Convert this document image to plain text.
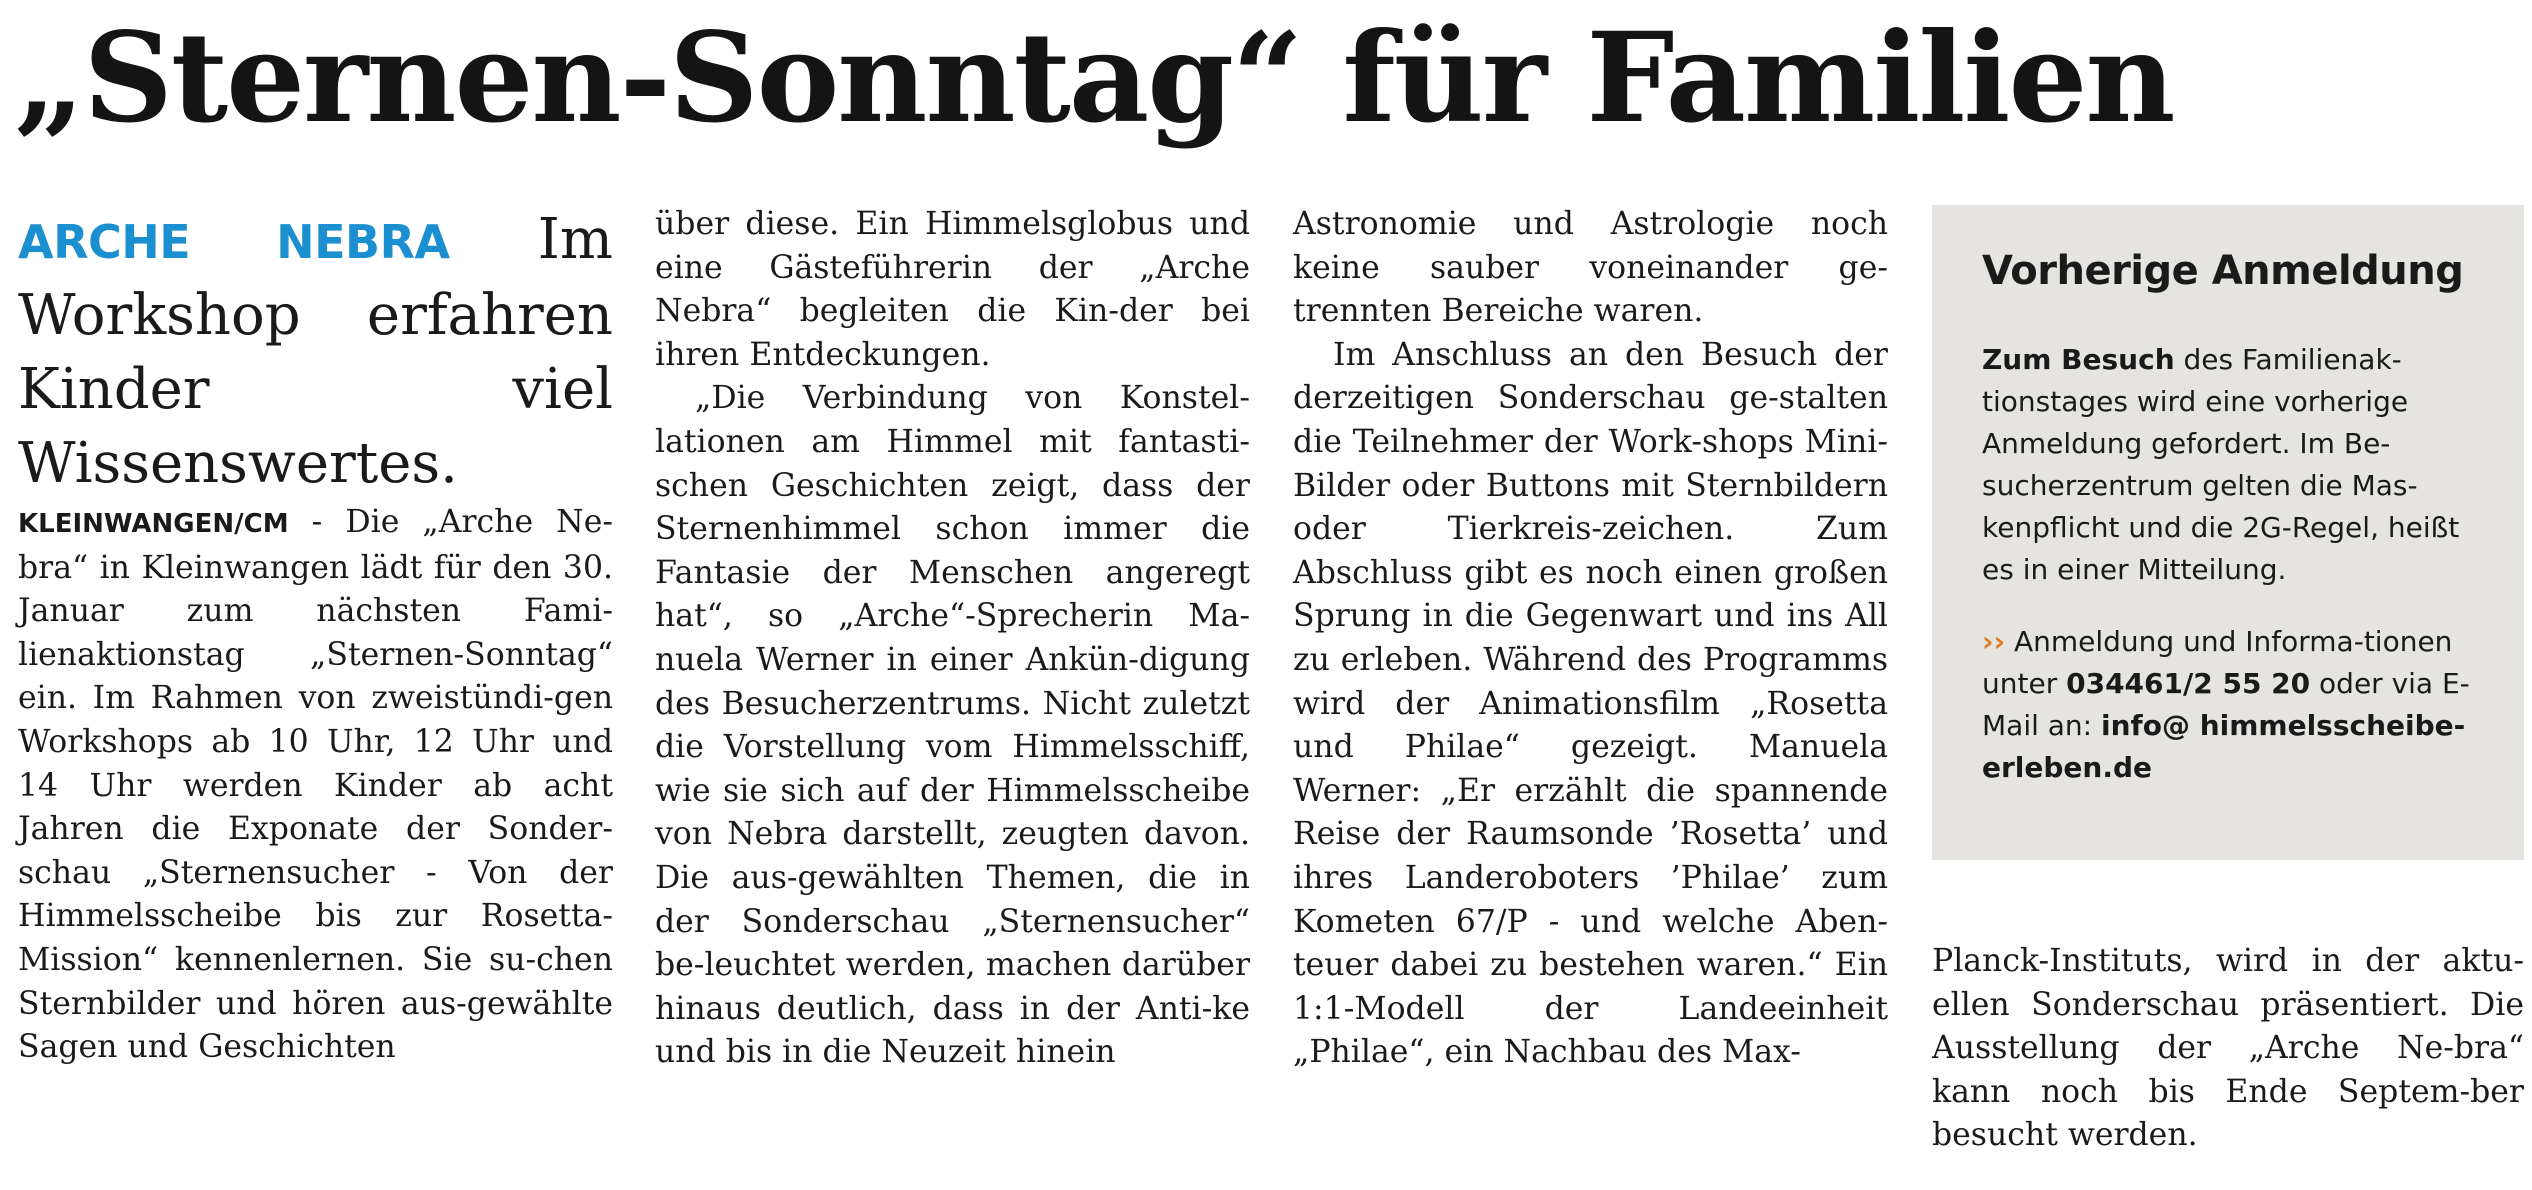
„Sternen-Sonntag“ für Familien

ARCHE NEBRA Im Workshop erfahren Kinder viel Wissenswertes.

KLEINWANGEN/CM - Die „Arche Ne-bra“ in Kleinwangen lädt für den 30. Januar zum nächsten Fami-lienaktionstag „Sternen-Sonntag“ ein. Im Rahmen von zweistündi-gen Workshops ab 10 Uhr, 12 Uhr und 14 Uhr werden Kinder ab acht Jahren die Exponate der Sonder-schau „Sternensucher - Von der Himmelsscheibe bis zur Rosetta-Mission“ kennenlernen. Sie su-chen Sternbilder und hören aus-gewählte Sagen und Geschichten

über diese. Ein Himmelsglobus und eine Gästeführerin der „Arche Nebra“ begleiten die Kin-der bei ihren Entdeckungen.

„Die Verbindung von Konstel-lationen am Himmel mit fantasti-schen Geschichten zeigt, dass der Sternenhimmel schon immer die Fantasie der Menschen angeregt hat“, so „Arche“-Sprecherin Ma-nuela Werner in einer Ankün-digung des Besucherzentrums. Nicht zuletzt die Vorstellung vom Himmelsschiff, wie sie sich auf der Himmelsscheibe von Nebra darstellt, zeugten davon. Die aus-gewählten Themen, die in der Sonderschau „Sternensucher“ be-leuchtet werden, machen darüber hinaus deutlich, dass in der Anti-ke und bis in die Neuzeit hinein

Astronomie und Astrologie noch keine sauber voneinander ge-trennten Bereiche waren.

Im Anschluss an den Besuch der derzeitigen Sonderschau ge-stalten die Teilnehmer der Work-shops Mini-Bilder oder Buttons mit Sternbildern oder Tierkreis-zeichen. Zum Abschluss gibt es noch einen großen Sprung in die Gegenwart und ins All zu erleben. Während des Programms wird der Animationsfilm „Rosetta und Philae“ gezeigt. Manuela Werner: „Er erzählt die spannende Reise der Raumsonde ’Rosetta’ und ihres Landeroboters ’Philae’ zum Kometen 67/P - und welche Aben-teuer dabei zu bestehen waren.“ Ein 1:1-Modell der Landeeinheit „Philae“, ein Nachbau des Max-

Vorherige Anmeldung

Zum Besuch des Familienak-tionstages wird eine vorherige Anmeldung gefordert. Im Be-sucherzentrum gelten die Mas-kenpflicht und die 2G-Regel, heißt es in einer Mitteilung.

›› Anmeldung und Informa-tionen unter 034461/2 55 20 oder via E-Mail an: info@ himmelsscheibe-erleben.de

Planck-Instituts, wird in der aktu-ellen Sonderschau präsentiert. Die Ausstellung der „Arche Ne-bra“ kann noch bis Ende Septem-ber besucht werden.
